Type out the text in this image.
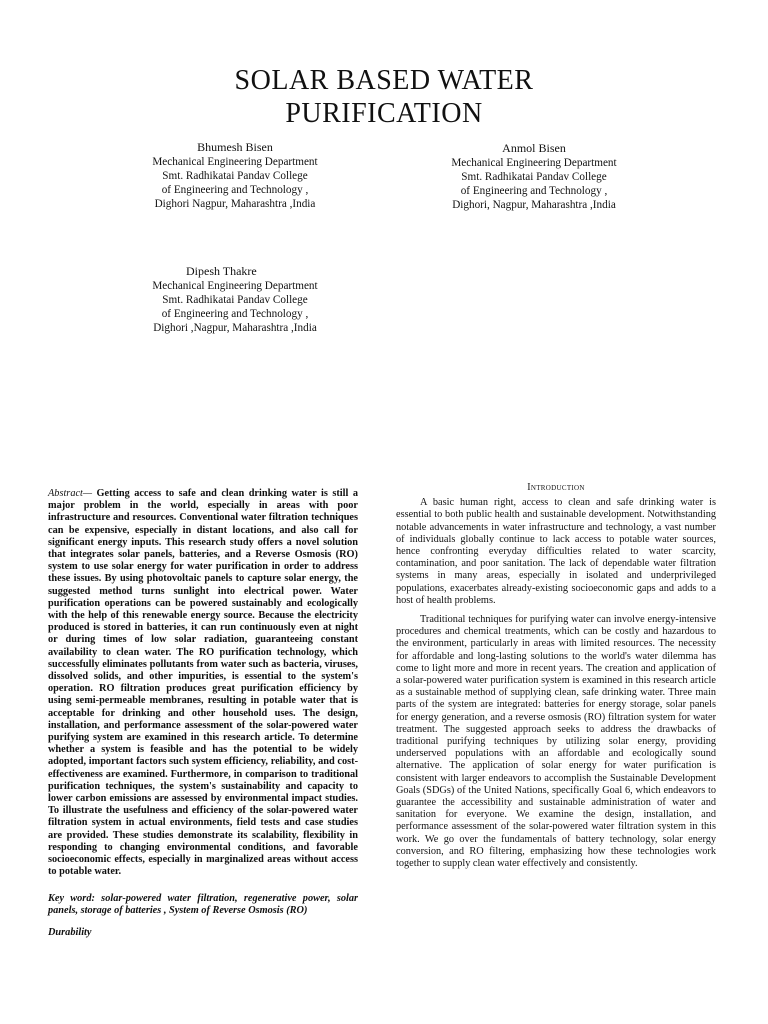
SOLAR BASED WATER
PURIFICATION
Bhumesh Bisen
Mechanical Engineering Department
Smt. Radhikatai Pandav College
of Engineering and Technology ,
Dighori Nagpur, Maharashtra ,India
Anmol Bisen
Mechanical Engineering Department
Smt. Radhikatai Pandav College
of Engineering and Technology ,
Dighori, Nagpur, Maharashtra ,India
Dipesh Thakre
Mechanical Engineering Department
Smt. Radhikatai Pandav College
of Engineering and Technology ,
Dighori ,Nagpur, Maharashtra ,India

Abstract— Getting access to safe and clean drinking water is still a major problem in the world, especially in areas with poor infrastructure and resources. Conventional water filtration techniques can be expensive, especially in distant locations, and also call for significant energy inputs. This research study offers a novel solution that integrates solar panels, batteries, and a Reverse Osmosis (RO) system to use solar energy for water purification in order to address these issues. By using photovoltaic panels to capture solar energy, the suggested method turns sunlight into electrical power. Water purification operations can be powered sustainably and ecologically with the help of this renewable energy source. Because the electricity produced is stored in batteries, it can run continuously even at night or during times of low solar radiation, guaranteeing constant availability to clean water. The RO purification technology, which successfully eliminates pollutants from water such as bacteria, viruses, dissolved solids, and other impurities, is essential to the system's operation. RO filtration produces great purification efficiency by using semi-permeable membranes, resulting in potable water that is acceptable for drinking and other household uses. The design, installation, and performance assessment of the solar-powered water purifying system are examined in this research article. To determine whether a system is feasible and has the potential to be widely adopted, important factors such system efficiency, reliability, and cost-effectiveness are examined. Furthermore, in comparison to traditional purification techniques, the system's sustainability and capacity to lower carbon emissions are assessed by environmental impact studies. To illustrate the usefulness and efficiency of the solar-powered water filtration system in actual environments, field tests and case studies are provided. These studies demonstrate its scalability, flexibility in responding to changing environmental conditions, and favorable socioeconomic effects, especially in marginalized areas without access to potable water.

Key word: solar-powered water filtration, regenerative power, solar panels, storage of batteries , System of Reverse Osmosis (RO)

Durability

Introduction

A basic human right, access to clean and safe drinking water is essential to both public health and sustainable development. Notwithstanding notable advancements in water infrastructure and technology, a vast number of individuals globally continue to lack access to potable water sources, hence confronting everyday difficulties related to water scarcity, contamination, and poor sanitation. The lack of dependable water filtration systems in many areas, especially in isolated and underprivileged populations, exacerbates already-existing socioeconomic gaps and adds to a host of health problems.

Traditional techniques for purifying water can involve energy-intensive procedures and chemical treatments, which can be costly and hazardous to the environment, particularly in areas with limited resources. The necessity for affordable and long-lasting solutions to the world's water dilemma has come to light more and more in recent years. The creation and application of a solar-powered water purification system is examined in this research article as a sustainable method of supplying clean, safe drinking water. Three main parts of the system are integrated: batteries for energy storage, solar panels for energy generation, and a reverse osmosis (RO) filtration system for water treatment. The suggested approach seeks to address the drawbacks of traditional purifying techniques by utilizing solar energy, providing underserved populations with an affordable and ecologically sound alternative. The application of solar energy for water purification is consistent with larger endeavors to accomplish the Sustainable Development Goals (SDGs) of the United Nations, specifically Goal 6, which endeavors to guarantee the accessibility and sustainable administration of water and sanitation for everyone. We examine the design, installation, and performance assessment of the solar-powered water filtration system in this work. We go over the fundamentals of battery technology, solar energy conversion, and RO filtering, emphasizing how these technologies work together to supply clean water effectively and consistently.
